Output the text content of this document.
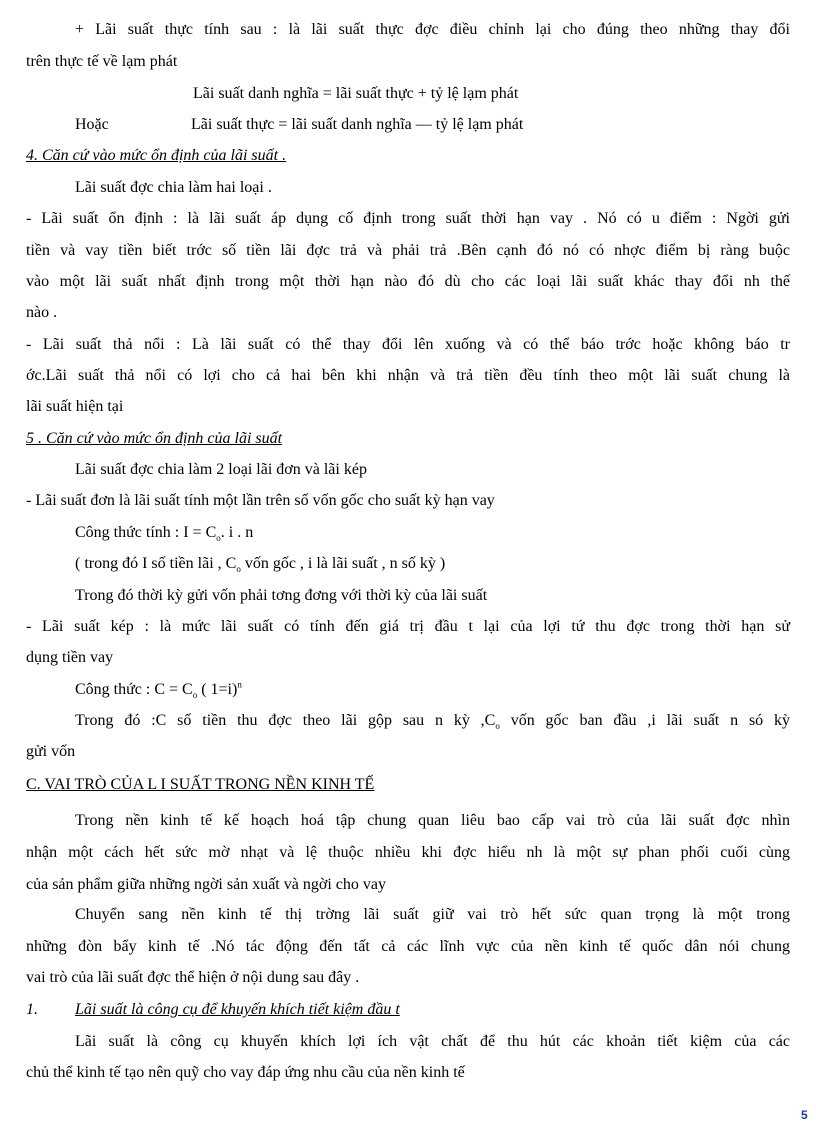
+ Lãi suất thực tính sau : là lãi suất thực đợc điều chỉnh lại cho đúng theo những thay đổi
trên thực tế về lạm phát
Lãi suất danh nghĩa = lãi suất thực + tỷ lệ lạm phát
Hoặc	Lãi suất thực = lãi suất danh nghĩa — tỷ lệ lạm phát
4. Căn cứ vào mức ổn định của lãi suất .
Lãi suất đợc chia làm hai loại .
- Lãi suất ổn định : là lãi suất áp dụng cố định trong suất thời hạn vay . Nó có u điểm : Ngời gửi
tiền và vay tiền biết trớc số tiền lãi đợc trả và phải trả .Bên cạnh đó nó có nhợc điểm bị ràng buộc
vào một lãi suất nhất định trong một thời hạn nào đó dù cho các loại lãi suất khác thay đổi nh thế
nào .
- Lãi suất thả nổi : Là lãi suất có thể thay đổi lên xuống và có thể báo trớc hoặc không báo tr
ớc.Lãi suất thả nổi có lợi cho cả hai bên khi nhận và trả tiền đều tính theo một lãi suất chung là
lãi suất hiện tại
5 . Căn cứ vào mức ổn định của lãi suất
Lãi suất đợc chia làm 2 loại lãi đơn và lãi kép
- Lãi suất đơn là lãi suất tính một lần trên số vốn gốc cho suất kỳ hạn vay
Công thức tính : $I = C_o$. i . n
( trong đó I số tiền lãi , $C_o$ vốn gốc , i là lãi suất , n số kỳ )
Trong đó thời kỳ gửi vốn phải tơng đơng với thời kỳ của lãi suất
- Lãi suất kép : là mức lãi suất có tính đến giá trị đầu t lại của lợi tứ thu đợc trong thời hạn sử
dụng tiền vay
Công thức : $C = C_o$ ( 1=i)$^n$
Trong đó :C số tiền thu đợc theo lãi gộp sau n kỳ $,C_o$ vốn gốc ban đầu ,i lãi suất n só kỳ
gửi vốn
C. VAI TRÒ CỦA L I SUẤT TRONG NỀN KINH TẾ
Trong nền kinh tế kế hoạch hoá tập chung quan liêu bao cấp vai trò của lãi suất đợc nhìn
nhận một cách hết sức mờ nhạt và lệ thuộc nhiều khi đợc hiểu nh là một sự phan phối cuối cùng
của sản phẩm giữa những ngời sản xuất và ngời cho vay
Chuyển sang nền kinh tế thị trờng lãi suất giữ vai trò hết sức quan trọng là một trong
những đòn bẩy kinh tế .Nó tác động đến tất cả các lĩnh vực của nền kinh tế quốc dân nói chung
vai trò của lãi suất đợc thể hiện ở nội dung sau đây .
1.	Lãi suất là công cụ để khuyến khích tiết kiệm đầu t
Lãi suất là công cụ khuyến khích lợi ích vật chất để thu hút các khoản tiết kiệm của các
chủ thể kinh tế tạo nên quỹ cho vay đáp ứng nhu cầu của nền kinh tế
5
